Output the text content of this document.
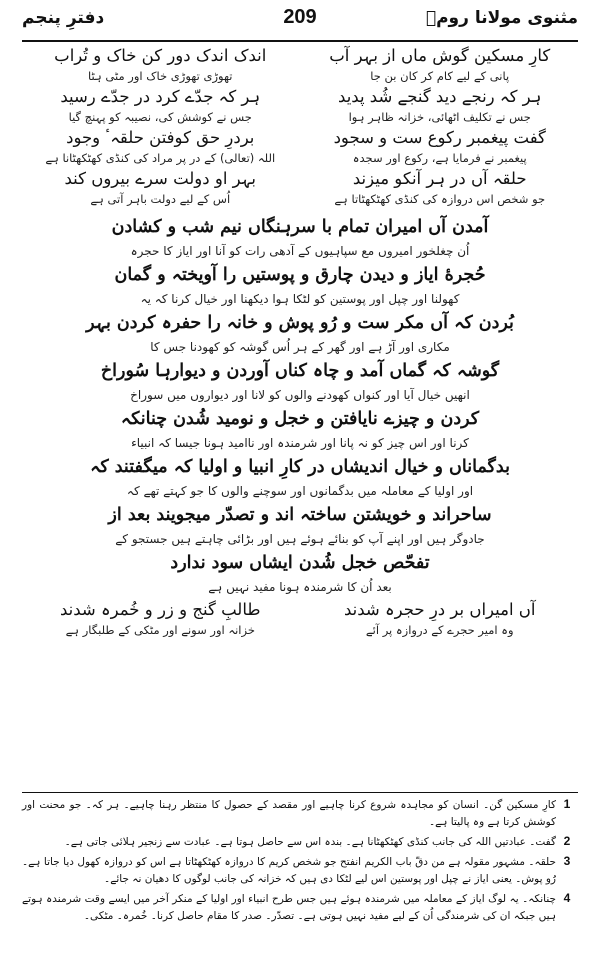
مثنوی مولانا رومؒ
209
دفترِ پنجم
کارِ مسکین گوش ماں از بہر آب
اندک اندک دور کن خاک و تُراب
پانی کے لیے کام کر کان بن جا
تھوڑی تھوڑی خاک اور مٹی ہٹا
ہر کہ رنجے دید گنجے شُد پدید
ہر کہ جدّے کرد در جدّے رسید
جس نے تکلیف اٹھائی، خزانہ ظاہر ہوا
جس نے کوشش کی، نصیبہ کو پہنچ گیا
گفت پیغمبر رکوع ست و سجود
بردرِ حق کوفتن حلقہٴ وجود
پیغمبر نے فرمایا ہے، رکوع اور سجدہ
اللہ (تعالی) کے در پر مراد کی کنڈی کھٹکھٹانا ہے
حلقہ آں در ہر آنکو میزند
بہر او دولت سرے بیروں کند
جو شخص اس دروازہ کی کنڈی کھٹکھٹاتا ہے
اُس کے لیے دولت باہر آتی ہے
آمدن آں امیران تمام با سرہنگاں نیم شب و کشادن
اُن چغلخور امیروں مع سپاہیوں کے آدھی رات کو آنا اور ایاز کا حجرہ
حُجرهٔ ایاز و دیدن چارق و پوستیں را آویختہ و گمان
کھولنا اور چپل اور پوستین کو لٹکا ہوا دیکھنا اور خیال کرنا کہ یہ
بُردن کہ آں مکر ست و رُو پوش و خانہ را حفرہ کردن بہر
مکاری اور آڑ ہے اور گھر کے ہر اُس گوشہ کو کھودنا جس کا
گوشہ کہ گماں آمد و چاہ کناں آوردن و دیوارہا سُوراخ
انھیں خیال آیا اور کنواں کھودنے والوں کو لانا اور دیواروں میں سوراخ
کردن و چیزے نایافتن و خجل و نومید شُدن چنانکہ
کرنا اور اس چیز کو نہ پانا اور شرمندہ اور ناامید ہونا جیسا کہ انبیاء
بدگماناں و خیال اندیشاں در کارِ انبیا و اولیا کہ میگفتند کہ
اور اولیا کے معاملہ میں بدگمانوں اور سوچنے والوں کا جو کہتے تھے کہ
ساحراند و خویشتن ساختہ اند و تصدّر میجویند بعد از
جادوگر ہیں اور اپنے آپ کو بنائے ہوئے ہیں اور بڑائی چاہتے ہیں جستجو کے
تفحّص خجل شُدن ایشاں سود ندارد
بعد اُن کا شرمندہ ہونا مفید نہیں ہے
آں امیراں بر درِ حجرہ شدند
طالبِ گنج و زر و خُمرہ شدند
وہ امیر حجرے کے دروازہ پر آئے
خزانہ اور سونے اور مٹکی کے طلبگار ہے
1
کارِ مسکین گن۔ انسان کو مجاہدہ شروع کرنا چاہیے اور مقصد کے حصول کا منتظر رہنا چاہیے۔ ہر کہ۔ جو محنت اور کوشش کرتا ہے وہ پالیتا ہے۔
2
گفت۔ عبادتیں اللہ کی جانب کنڈی کھٹکھٹانا ہے۔ بندہ اس سے حاصل ہوتا ہے۔ عبادت سے زنجیر ہلائی جاتی ہے۔
3
حلقہ۔ مشہور مقولہ ہے من دقّ باب الکریم انفتح جو شخص کریم کا دروازہ کھٹکھٹاتا ہے اس کو دروازہ کھول دیا جاتا ہے۔ رُو پوش۔ یعنی ایاز نے چپل اور پوستین اس لیے لٹکا دی ہیں کہ خزانہ کی جانب لوگوں کا دھیان نہ جائے۔
4
چنانکہ۔ یہ لوگ ایاز کے معاملہ میں شرمندہ ہوئے ہیں جس طرح انبیاء اور اولیا کے منکر آخر میں ایسے وقت شرمندہ ہوتے ہیں جبکہ ان کی شرمندگی اُن کے لیے مفید نہیں ہوتی ہے۔ تصدّر۔ صدر کا مقام حاصل کرنا۔ خُمرہ۔ مٹکی۔
